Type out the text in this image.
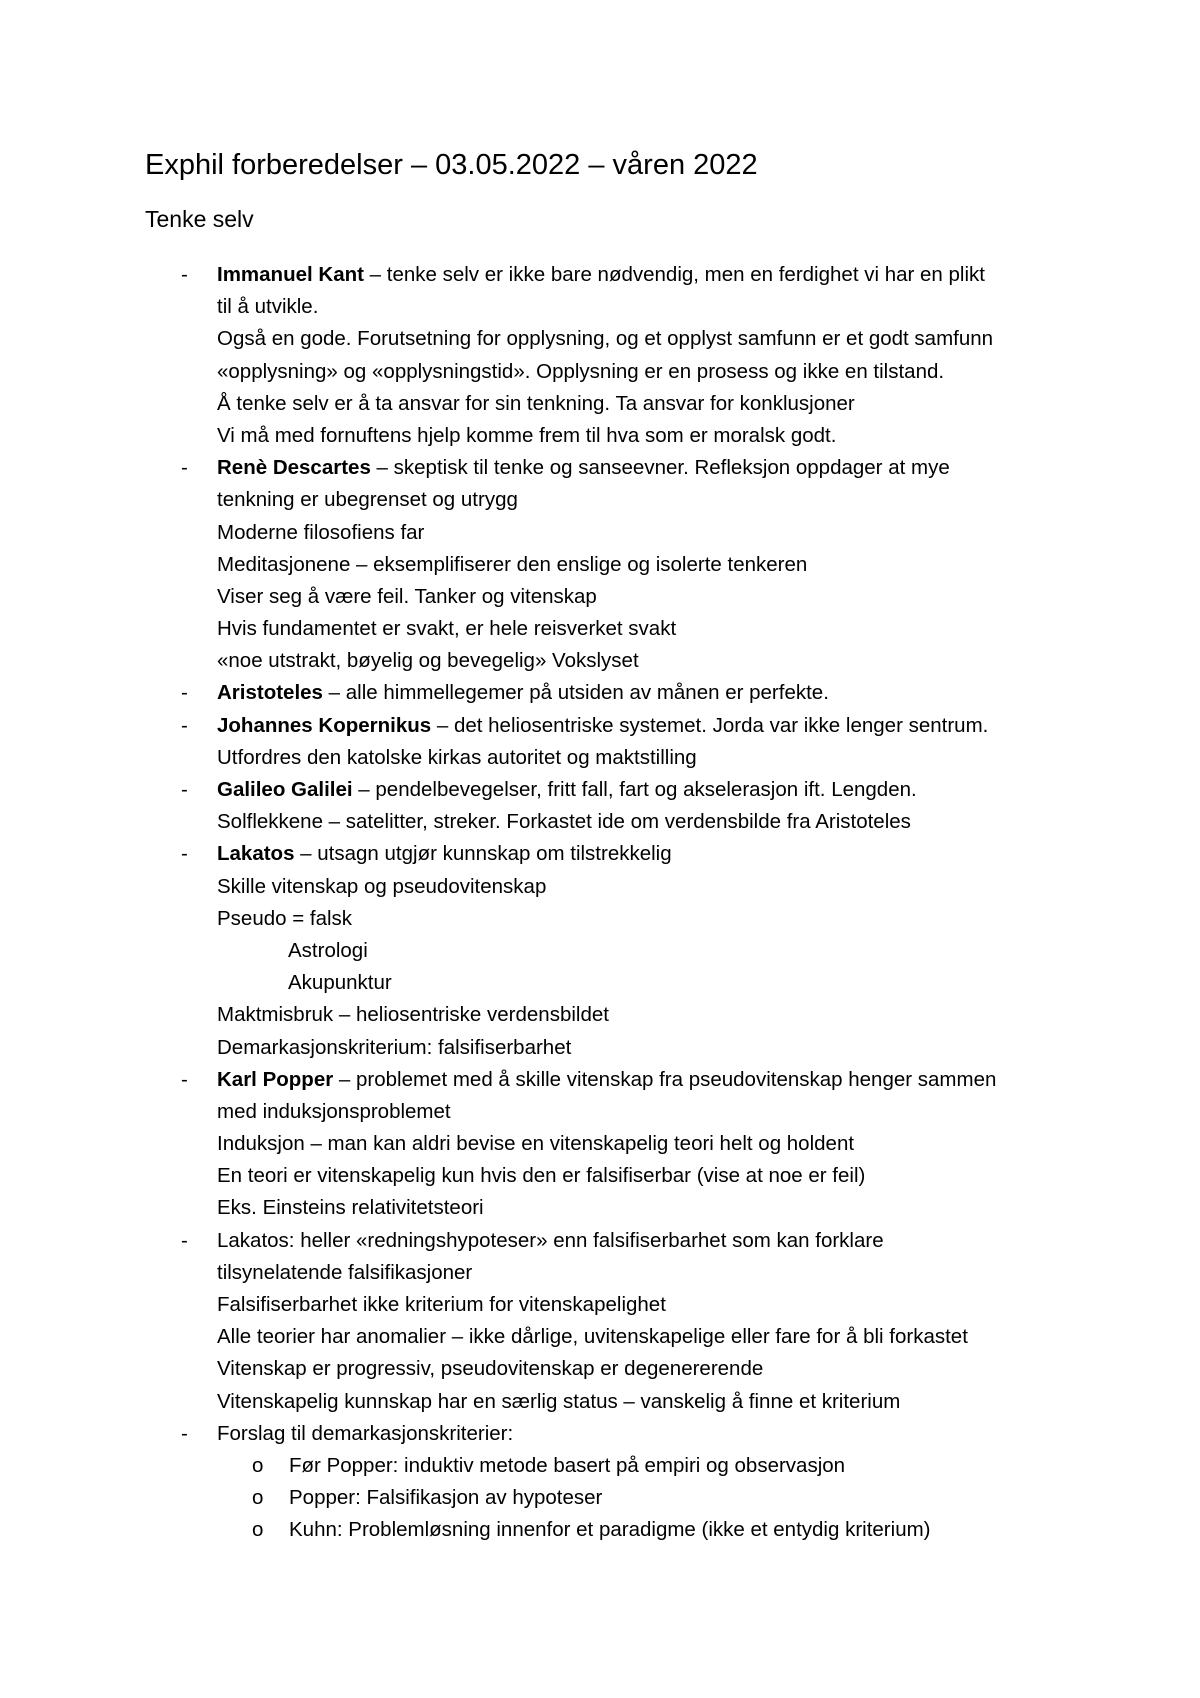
Exphil forberedelser – 03.05.2022 – våren 2022
Tenke selv
- Immanuel Kant – tenke selv er ikke bare nødvendig, men en ferdighet vi har en plikt
til å utvikle.
Også en gode. Forutsetning for opplysning, og et opplyst samfunn er et godt samfunn
«opplysning» og «opplysningstid». Opplysning er en prosess og ikke en tilstand.
Å tenke selv er å ta ansvar for sin tenkning. Ta ansvar for konklusjoner
Vi må med fornuftens hjelp komme frem til hva som er moralsk godt.
- Renè Descartes – skeptisk til tenke og sanseevner. Refleksjon oppdager at mye
tenkning er ubegrenset og utrygg
Moderne filosofiens far
Meditasjonene – eksemplifiserer den enslige og isolerte tenkeren
Viser seg å være feil. Tanker og vitenskap
Hvis fundamentet er svakt, er hele reisverket svakt
«noe utstrakt, bøyelig og bevegelig» Vokslyset
- Aristoteles – alle himmellegemer på utsiden av månen er perfekte.
- Johannes Kopernikus – det heliosentriske systemet. Jorda var ikke lenger sentrum.
Utfordres den katolske kirkas autoritet og maktstilling
- Galileo Galilei – pendelbevegelser, fritt fall, fart og akselerasjon ift. Lengden.
Solflekkene – satelitter, streker. Forkastet ide om verdensbilde fra Aristoteles
- Lakatos – utsagn utgjør kunnskap om tilstrekkelig
Skille vitenskap og pseudovitenskap
Pseudo = falsk
Astrologi
Akupunktur
Maktmisbruk – heliosentriske verdensbildet
Demarkasjonskriterium: falsifiserbarhet
- Karl Popper – problemet med å skille vitenskap fra pseudovitenskap henger sammen
med induksjonsproblemet
Induksjon – man kan aldri bevise en vitenskapelig teori helt og holdent
En teori er vitenskapelig kun hvis den er falsifiserbar (vise at noe er feil)
Eks. Einsteins relativitetsteori
- Lakatos: heller «redningshypoteser» enn falsifiserbarhet som kan forklare
tilsynelatende falsifikasjoner
Falsifiserbarhet ikke kriterium for vitenskapelighet
Alle teorier har anomalier – ikke dårlige, uvitenskapelige eller fare for å bli forkastet
Vitenskap er progressiv, pseudovitenskap er degenererende
Vitenskapelig kunnskap har en særlig status – vanskelig å finne et kriterium
- Forslag til demarkasjonskriterier:
o Før Popper: induktiv metode basert på empiri og observasjon
o Popper: Falsifikasjon av hypoteser
o Kuhn: Problemløsning innenfor et paradigme (ikke et entydig kriterium)
